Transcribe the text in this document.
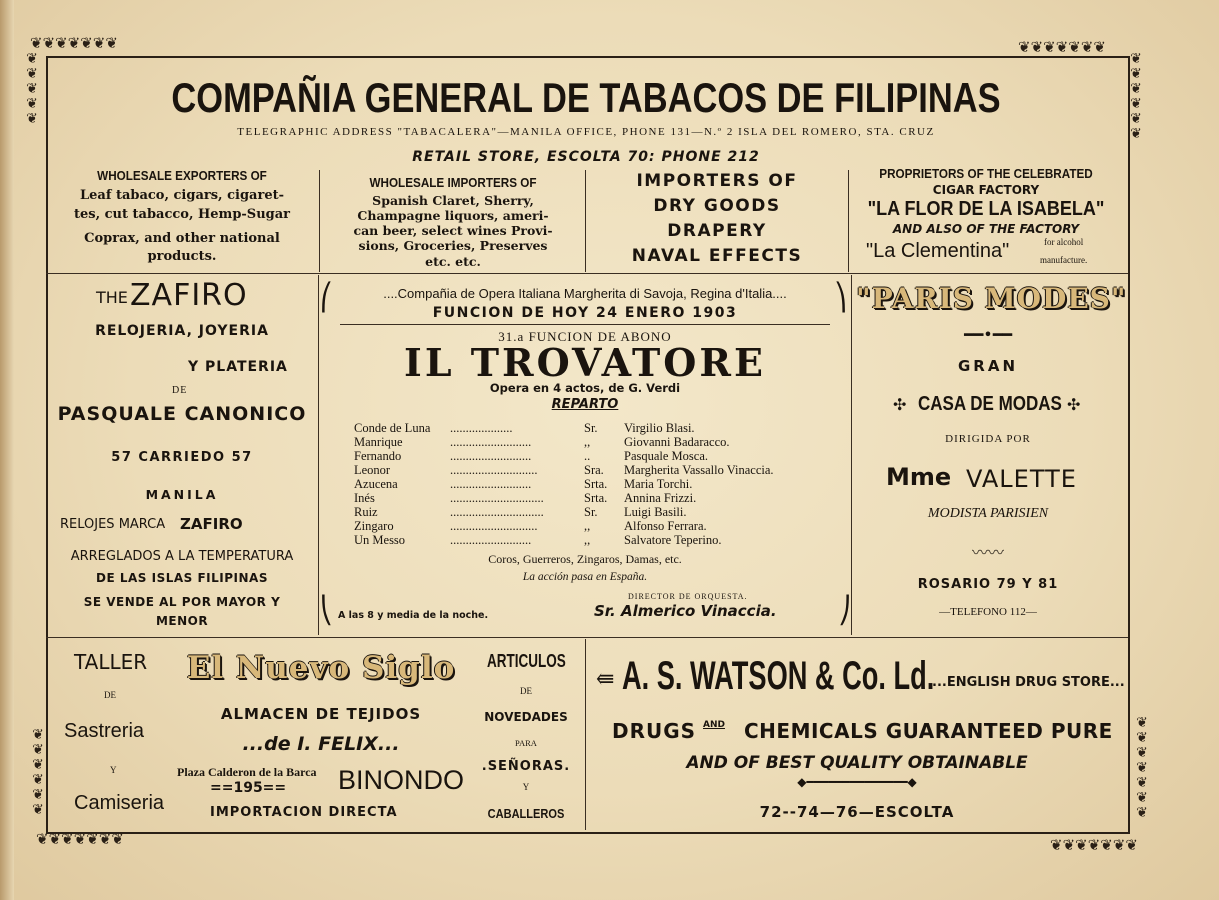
❦❦❦❦❦❦❦	❦❦❦❦❦❦❦
❦❦❦❦❦❦❦	❦❦❦❦❦❦❦
❦
❦
❦
❦
❦
❦
❦
❦
❦
❦
❦
❦
❦
❦
❦
❦
❦
❦
❦
❦
❦
❦
❦
❦
COMPAÑIA GENERAL DE TABACOS DE FILIPINAS
TELEGRAPHIC ADDRESS "TABACALERA"—MANILA OFFICE, PHONE 131—N.º 2 ISLA DEL ROMERO, STA. CRUZ
RETAIL STORE, ESCOLTA 70: PHONE 212
WHOLESALE EXPORTERS OF
Leaf tabaco, cigars, cigaret-
tes, cut tabacco, Hemp-Sugar
Coprax, and other national
products.
WHOLESALE IMPORTERS OF
Spanish Claret, Sherry,
Champagne liquors, ameri-
can beer, select wines Provi-
sions, Groceries, Preserves
etc. etc.
IMPORTERS OF
DRY GOODS
DRAPERY
NAVAL EFFECTS
PROPRIETORS OF THE CELEBRATED
CIGAR FACTORY
"LA FLOR DE LA ISABELA"
AND ALSO OF THE FACTORY
"La Clementina"	for alcohol
manufacture.
THE ZAFIRO
RELOJERIA, JOYERIA
Y PLATERIA
DE
PASQUALE CANONICO
57 CARRIEDO 57
MANILA
RELOJES MARCA ZAFIRO
ARREGLADOS A LA TEMPERATURA
DE LAS ISLAS FILIPINAS
SE VENDE AL POR MAYOR Y
MENOR
⎛	⎞
⎝	⎠
....Compañia de Opera Italiana Margherita di Savoja, Regina d'Italia....
FUNCION DE HOY 24 ENERO 1903
31.a FUNCION DE ABONO
IL TROVATORE
Opera en 4 actos, de G. Verdi
REPARTO
Coros, Guerreros, Zingaros, Damas, etc.
La acción pasa en España.
A las 8 y media de la noche.
DIRECTOR DE ORQUESTA.
Sr. Almerico Vinaccia.
"PARIS MODES"
━━•━━
GRAN
✣ CASA DE MODAS ✣
DIRIGIDA POR
Mme VALETTE
MODISTA PARISIEN
〰〰
ROSARIO 79 Y 81
—TELEFONO 112—
TALLER
DE
Sastreria
Y
Camiseria
El Nuevo Siglo
ALMACEN DE TEJIDOS
...de I. FELIX...
Plaza Calderon de la Barca
==195== BINONDO
IMPORTACION DIRECTA
ARTICULOS
DE
NOVEDADES
PARA
.SEÑORAS.
Y
CABALLEROS
⇚ A. S. WATSON & Co. Ld.
...ENGLISH DRUG STORE...
DRUGS AND CHEMICALS GUARANTEED PURE
AND OF BEST QUALITY OBTAINABLE
◆━━━━━━━━━━━━━━◆
72--74—76—ESCOLTA
Conde de Luna ....................	Sr. Virgilio Blasi.
Manrique	..........................	,,	Giovanni Badaracco.
Fernando	..........................	..	Pasquale Mosca.
Leonor	............................	Sra. Margherita Vassallo Vinaccia.
Azucena	..........................	Srta. Maria Torchi.
Inés	..............................	Srta. Annina Frizzi.
Ruiz	..............................	Sr. Luigi Basili.
Zingaro	............................	,,	Alfonso Ferrara.
Un Messo	..........................	,,	Salvatore Teperino.
